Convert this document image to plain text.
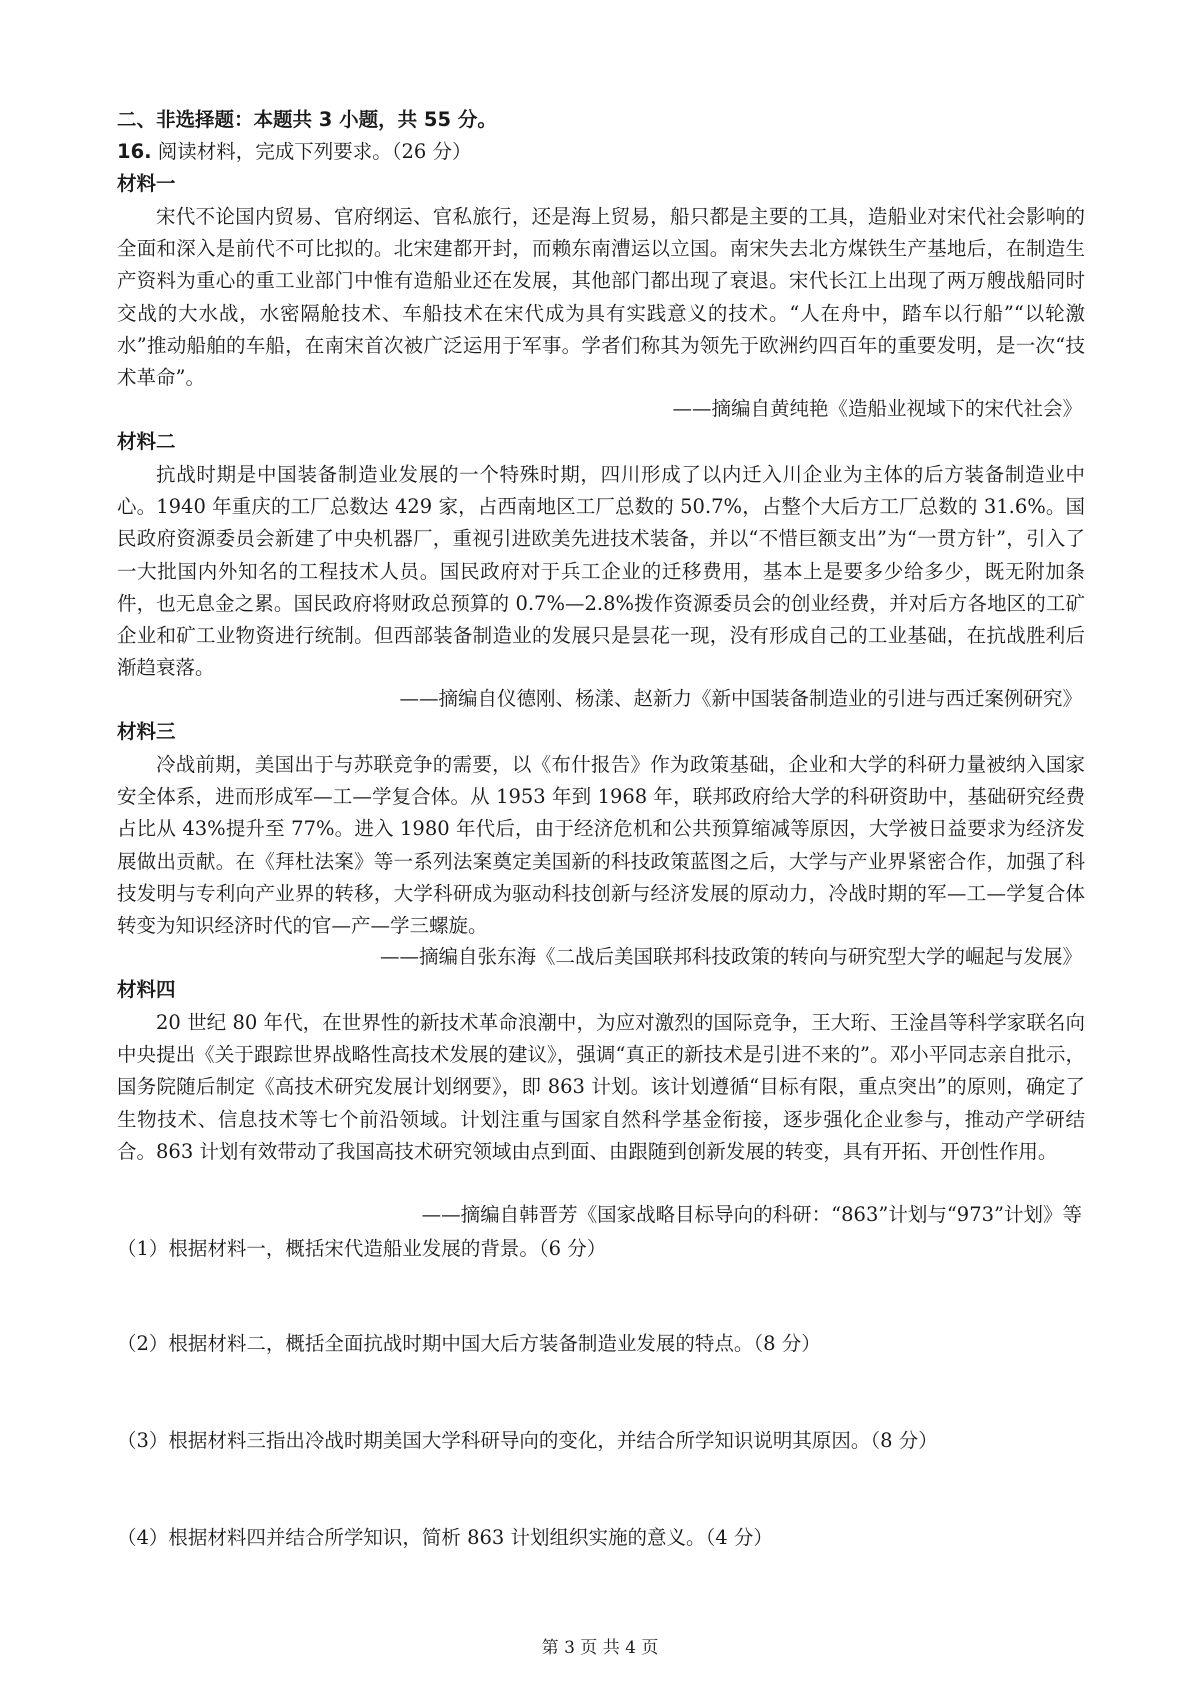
二、非选择题：本题共 3 小题，共 55 分。
16. 阅读材料，完成下列要求。（26 分）
材料一
宋代不论国内贸易、官府纲运、官私旅行，还是海上贸易，船只都是主要的工具，造船业对宋代社会影响的全面和深入是前代不可比拟的。北宋建都开封，而赖东南漕运以立国。南宋失去北方煤铁生产基地后，在制造生产资料为重心的重工业部门中惟有造船业还在发展，其他部门都出现了衰退。宋代长江上出现了两万艘战船同时交战的大水战，水密隔舱技术、车船技术在宋代成为具有实践意义的技术。“人在舟中，踏车以行船”“以轮激水”推动船舶的车船，在南宋首次被广泛运用于军事。学者们称其为领先于欧洲约四百年的重要发明，是一次“技术革命”。
——摘编自黄纯艳《造船业视域下的宋代社会》
材料二
抗战时期是中国装备制造业发展的一个特殊时期，四川形成了以内迁入川企业为主体的后方装备制造业中心。1940 年重庆的工厂总数达 429 家，占西南地区工厂总数的 50.7%，占整个大后方工厂总数的 31.6%。国民政府资源委员会新建了中央机器厂，重视引进欧美先进技术装备，并以“不惜巨额支出”为“一贯方针”，引入了一大批国内外知名的工程技术人员。国民政府对于兵工企业的迁移费用，基本上是要多少给多少，既无附加条件，也无息金之累。国民政府将财政总预算的 0.7%—2.8%拨作资源委员会的创业经费，并对后方各地区的工矿企业和矿工业物资进行统制。但西部装备制造业的发展只是昙花一现，没有形成自己的工业基础，在抗战胜利后渐趋衰落。
——摘编自仪德刚、杨漾、赵新力《新中国装备制造业的引进与西迁案例研究》
材料三
冷战前期，美国出于与苏联竞争的需要，以《布什报告》作为政策基础，企业和大学的科研力量被纳入国家安全体系，进而形成军—工—学复合体。从 1953 年到 1968 年，联邦政府给大学的科研资助中，基础研究经费占比从 43%提升至 77%。进入 1980 年代后，由于经济危机和公共预算缩减等原因，大学被日益要求为经济发展做出贡献。在《拜杜法案》等一系列法案奠定美国新的科技政策蓝图之后，大学与产业界紧密合作，加强了科技发明与专利向产业界的转移，大学科研成为驱动科技创新与经济发展的原动力，冷战时期的军—工—学复合体转变为知识经济时代的官—产—学三螺旋。
——摘编自张东海《二战后美国联邦科技政策的转向与研究型大学的崛起与发展》
材料四
20 世纪 80 年代，在世界性的新技术革命浪潮中，为应对激烈的国际竞争，王大珩、王淦昌等科学家联名向中央提出《关于跟踪世界战略性高技术发展的建议》，强调“真正的新技术是引进不来的”。邓小平同志亲自批示，国务院随后制定《高技术研究发展计划纲要》，即 863 计划。该计划遵循“目标有限，重点突出”的原则，确定了生物技术、信息技术等七个前沿领域。计划注重与国家自然科学基金衔接，逐步强化企业参与，推动产学研结合。863 计划有效带动了我国高技术研究领域由点到面、由跟随到创新发展的转变，具有开拓、开创性作用。
——摘编自韩晋芳《国家战略目标导向的科研：“863”计划与“973”计划》等
（1）根据材料一，概括宋代造船业发展的背景。（6 分）
（2）根据材料二，概括全面抗战时期中国大后方装备制造业发展的特点。（8 分）
（3）根据材料三指出冷战时期美国大学科研导向的变化，并结合所学知识说明其原因。（8 分）
（4）根据材料四并结合所学知识，简析 863 计划组织实施的意义。（4 分）
第 3 页 共 4 页
